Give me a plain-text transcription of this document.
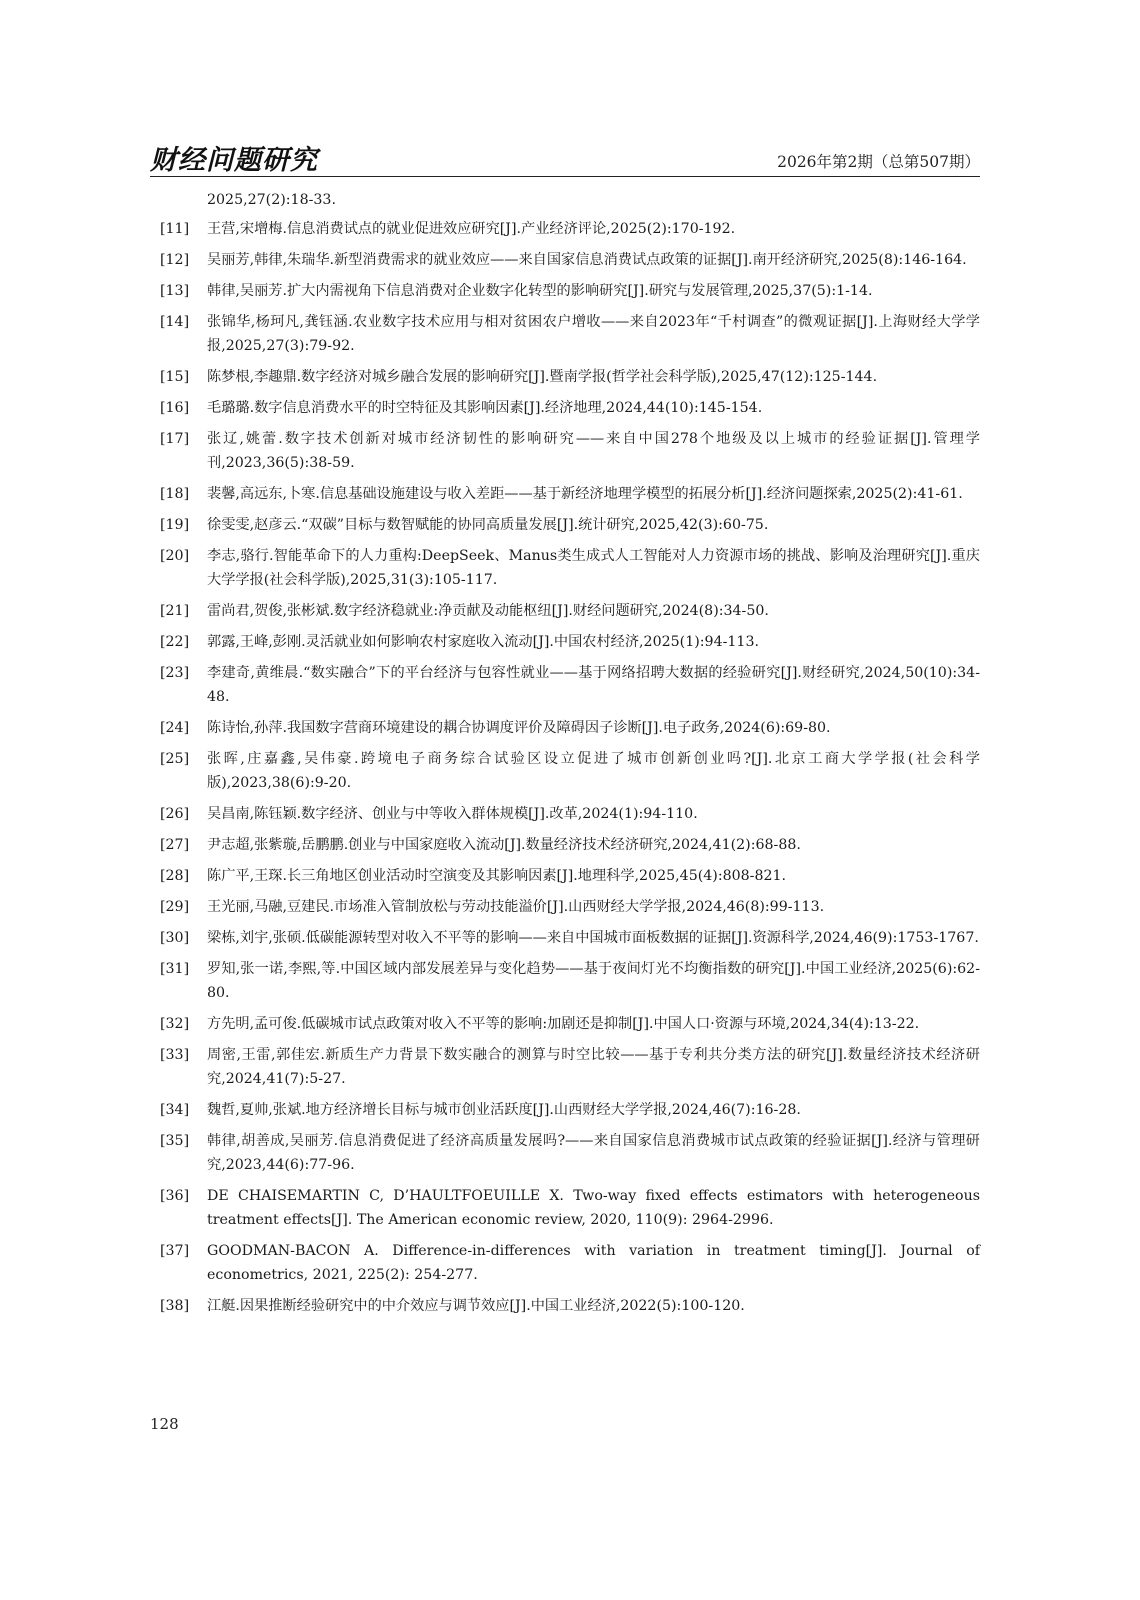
财经问题研究	2026年第2期（总第507期）
2025,27(2):18-33.
[11] 王营,宋增梅.信息消费试点的就业促进效应研究[J].产业经济评论,2025(2):170-192.
[12] 吴丽芳,韩律,朱瑞华.新型消费需求的就业效应——来自国家信息消费试点政策的证据[J].南开经济研究,2025(8):146-164.
[13] 韩律,吴丽芳.扩大内需视角下信息消费对企业数字化转型的影响研究[J].研究与发展管理,2025,37(5):1-14.
[14] 张锦华,杨珂凡,龚钰涵.农业数字技术应用与相对贫困农户增收——来自2023年“千村调查”的微观证据[J].上海财经大学学报,2025,27(3):79-92.
[15] 陈梦根,李趣鼎.数字经济对城乡融合发展的影响研究[J].暨南学报(哲学社会科学版),2025,47(12):125-144.
[16] 毛璐璐.数字信息消费水平的时空特征及其影响因素[J].经济地理,2024,44(10):145-154.
[17] 张辽,姚蕾.数字技术创新对城市经济韧性的影响研究——来自中国278个地级及以上城市的经验证据[J].管理学刊,2023,36(5):38-59.
[18] 裴馨,高远东,卜寒.信息基础设施建设与收入差距——基于新经济地理学模型的拓展分析[J].经济问题探索,2025(2):41-61.
[19] 徐雯雯,赵彦云.“双碳”目标与数智赋能的协同高质量发展[J].统计研究,2025,42(3):60-75.
[20] 李志,骆行.智能革命下的人力重构:DeepSeek、Manus类生成式人工智能对人力资源市场的挑战、影响及治理研究[J].重庆大学学报(社会科学版),2025,31(3):105-117.
[21] 雷尚君,贺俊,张彬斌.数字经济稳就业:净贡献及动能枢纽[J].财经问题研究,2024(8):34-50.
[22] 郭露,王峰,彭刚.灵活就业如何影响农村家庭收入流动[J].中国农村经济,2025(1):94-113.
[23] 李建奇,黄维晨.“数实融合”下的平台经济与包容性就业——基于网络招聘大数据的经验研究[J].财经研究,2024,50(10):34-48.
[24] 陈诗怡,孙萍.我国数字营商环境建设的耦合协调度评价及障碍因子诊断[J].电子政务,2024(6):69-80.
[25] 张晖,庄嘉鑫,吴伟豪.跨境电子商务综合试验区设立促进了城市创新创业吗?[J].北京工商大学学报(社会科学版),2023,38(6):9-20.
[26] 吴昌南,陈钰颖.数字经济、创业与中等收入群体规模[J].改革,2024(1):94-110.
[27] 尹志超,张紫璇,岳鹏鹏.创业与中国家庭收入流动[J].数量经济技术经济研究,2024,41(2):68-88.
[28] 陈广平,王琛.长三角地区创业活动时空演变及其影响因素[J].地理科学,2025,45(4):808-821.
[29] 王光丽,马融,豆建民.市场准入管制放松与劳动技能溢价[J].山西财经大学学报,2024,46(8):99-113.
[30] 梁栋,刘宇,张硕.低碳能源转型对收入不平等的影响——来自中国城市面板数据的证据[J].资源科学,2024,46(9):1753-1767.
[31] 罗知,张一诺,李熙,等.中国区域内部发展差异与变化趋势——基于夜间灯光不均衡指数的研究[J].中国工业经济,2025(6):62-80.
[32] 方先明,孟可俊.低碳城市试点政策对收入不平等的影响:加剧还是抑制[J].中国人口·资源与环境,2024,34(4):13-22.
[33] 周密,王雷,郭佳宏.新质生产力背景下数实融合的测算与时空比较——基于专利共分类方法的研究[J].数量经济技术经济研究,2024,41(7):5-27.
[34] 魏哲,夏帅,张斌.地方经济增长目标与城市创业活跃度[J].山西财经大学学报,2024,46(7):16-28.
[35] 韩律,胡善成,吴丽芳.信息消费促进了经济高质量发展吗?——来自国家信息消费城市试点政策的经验证据[J].经济与管理研究,2023,44(6):77-96.
[36] DE CHAISEMARTIN C, D’HAULTFOEUILLE X. Two-way fixed effects estimators with heterogeneous treatment effects[J]. The American economic review, 2020, 110(9): 2964-2996.
[37] GOODMAN-BACON A. Difference-in-differences with variation in treatment timing[J]. Journal of econometrics, 2021, 225(2): 254-277.
[38] 江艇.因果推断经验研究中的中介效应与调节效应[J].中国工业经济,2022(5):100-120.
128
